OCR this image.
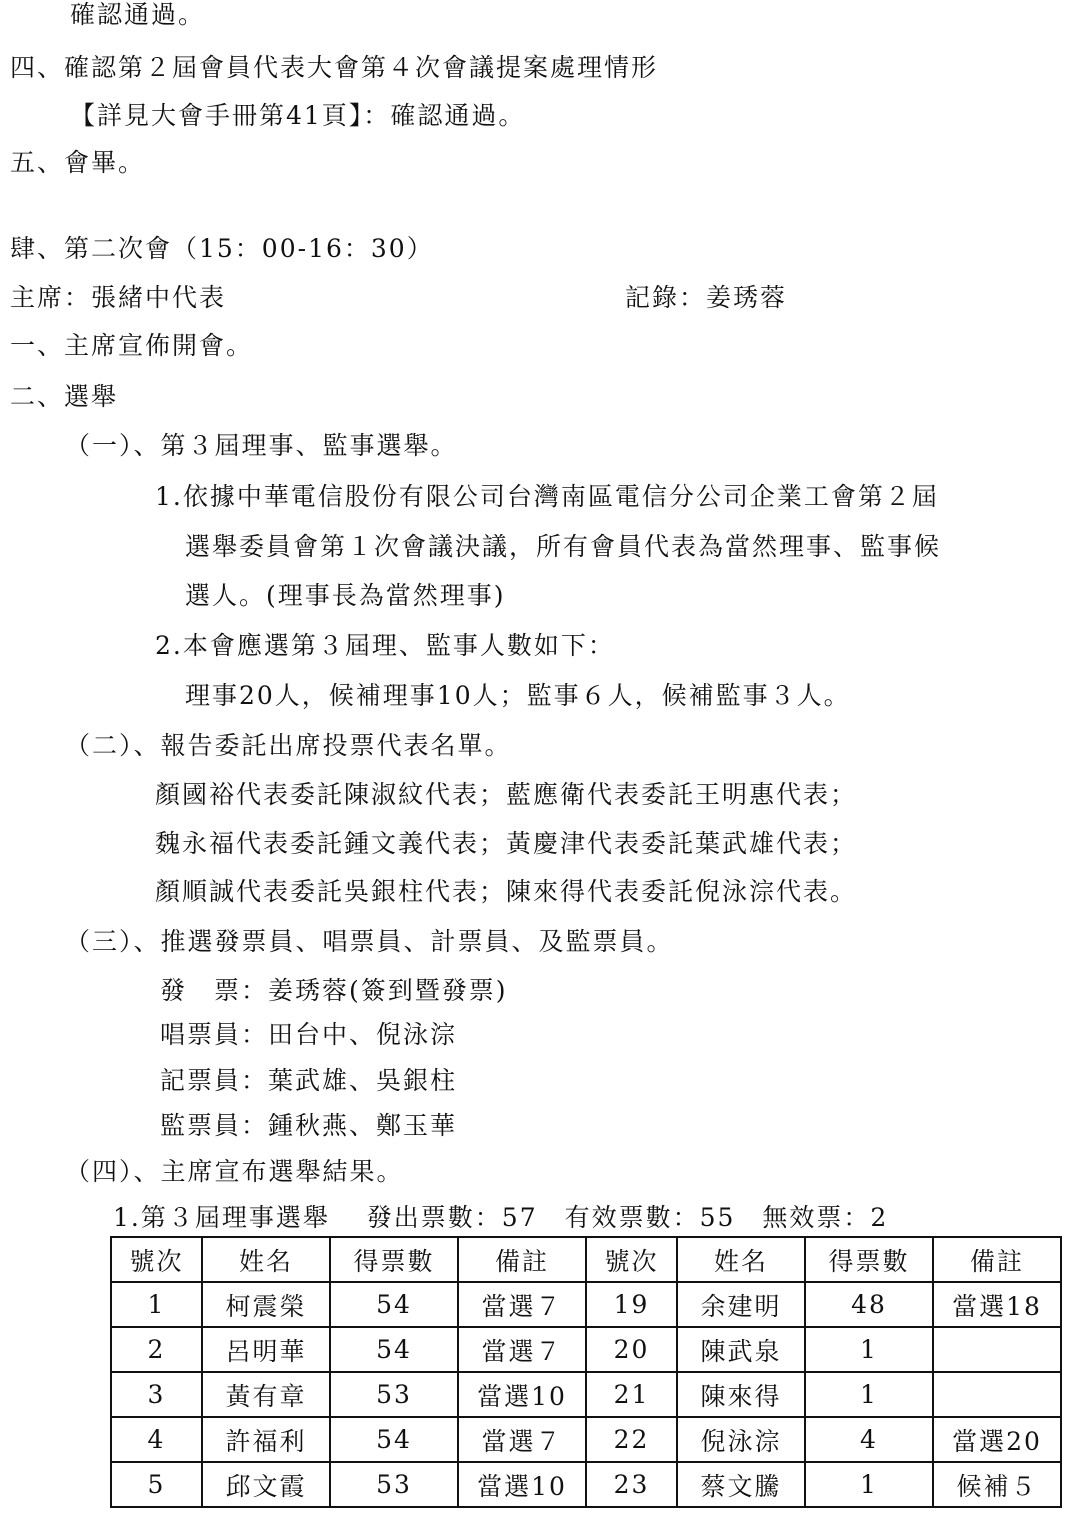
確認通過。
四、確認第２屆會員代表大會第４次會議提案處理情形
【詳見大會手冊第41頁】：確認通過。
五、會畢。
肆、第二次會（15：00-16：30）
主席：張緒中代表	記錄：姜琇蓉
一、主席宣佈開會。
二、選舉
（一）、第３屆理事、監事選舉。
1.依據中華電信股份有限公司台灣南區電信分公司企業工會第２屆
選舉委員會第１次會議決議，所有會員代表為當然理事、監事候
選人。(理事長為當然理事)
2.本會應選第３屆理、監事人數如下：
理事20人，候補理事10人；監事６人，候補監事３人。
（二）、報告委託出席投票代表名單。
顏國裕代表委託陳淑紋代表；藍應衛代表委託王明惠代表；
魏永福代表委託鍾文義代表；黃慶津代表委託葉武雄代表；
顏順誠代表委託吳銀柱代表；陳來得代表委託倪泳淙代表。
（三）、推選發票員、唱票員、計票員、及監票員。
發　票：姜琇蓉(簽到暨發票)
唱票員：田台中、倪泳淙
記票員：葉武雄、吳銀柱
監票員：鍾秋燕、鄭玉華
（四）、主席宣布選舉結果。
1.第３屆理事選舉　 發出票數：57　有效票數：55　無效票：2
號次	姓名	得票數	備註	號次	姓名	得票數	備註
1	柯震榮	54	當選７	19	余建明	48	當選18
2	呂明華	54	當選７	20	陳武泉	1	
3	黃有章	53	當選10	21	陳來得	1	
4	許福利	54	當選７	22	倪泳淙	4	當選20
5	邱文霞	53	當選10	23	蔡文騰	1	候補５
